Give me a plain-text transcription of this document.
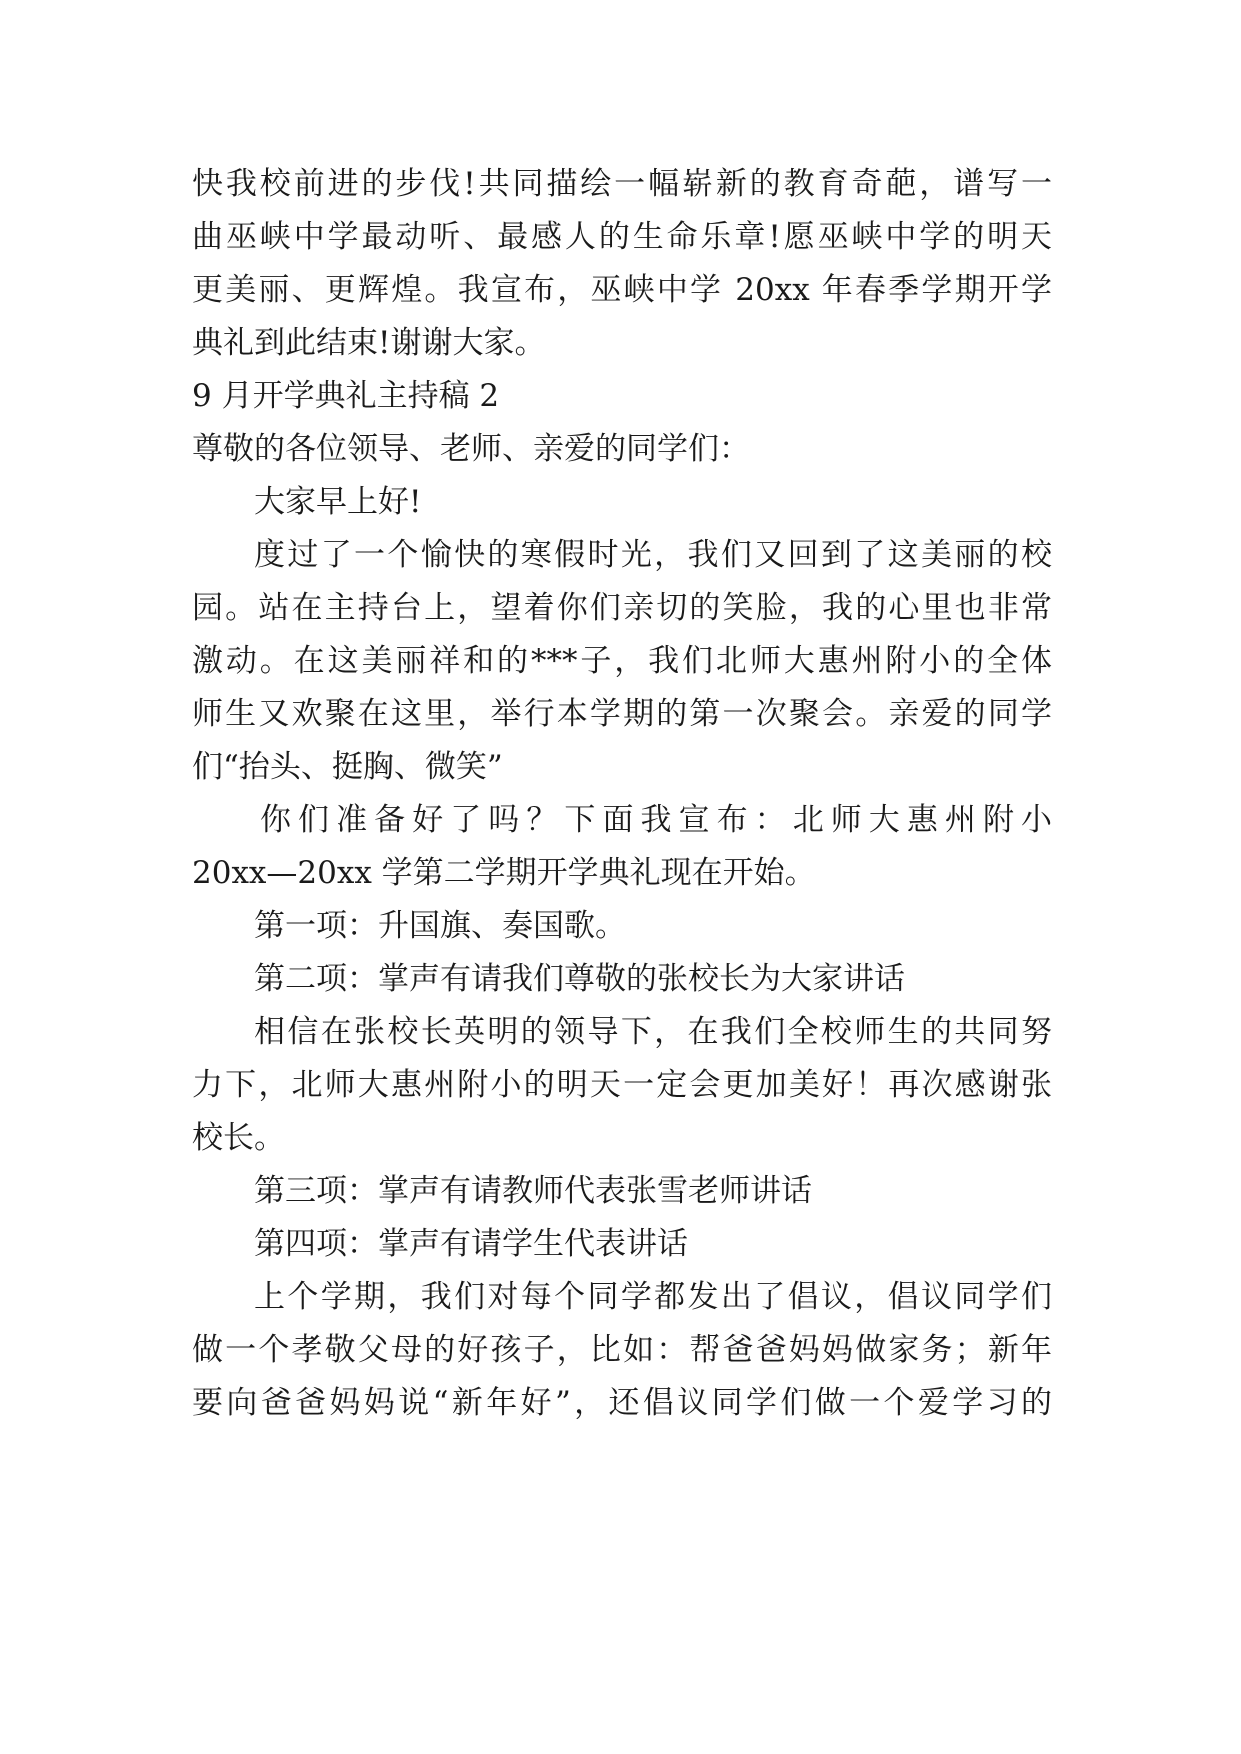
快我校前进的步伐!共同描绘一幅崭新的教育奇葩，谱写一
曲巫峡中学最动听、最感人的生命乐章!愿巫峡中学的明天
更美丽、更辉煌。我宣布，巫峡中学 20xx 年春季学期开学
典礼到此结束!谢谢大家。
9 月开学典礼主持稿 2
尊敬的各位领导、老师、亲爱的同学们：
大家早上好!
度过了一个愉快的寒假时光，我们又回到了这美丽的校
园。站在主持台上，望着你们亲切的笑脸，我的心里也非常
激动。在这美丽祥和的***子，我们北师大惠州附小的全体
师生又欢聚在这里，举行本学期的第一次聚会。亲爱的同学
们“抬头、挺胸、微笑”
你们准备好了吗？下面我宣布：北师大惠州附小
20xx—20xx 学第二学期开学典礼现在开始。
第一项：升国旗、奏国歌。
第二项：掌声有请我们尊敬的张校长为大家讲话
相信在张校长英明的领导下，在我们全校师生的共同努
力下，北师大惠州附小的明天一定会更加美好！再次感谢张
校长。
第三项：掌声有请教师代表张雪老师讲话
第四项：掌声有请学生代表讲话
上个学期，我们对每个同学都发出了倡议，倡议同学们
做一个孝敬父母的好孩子，比如：帮爸爸妈妈做家务；新年
要向爸爸妈妈说“新年好”，还倡议同学们做一个爱学习的
